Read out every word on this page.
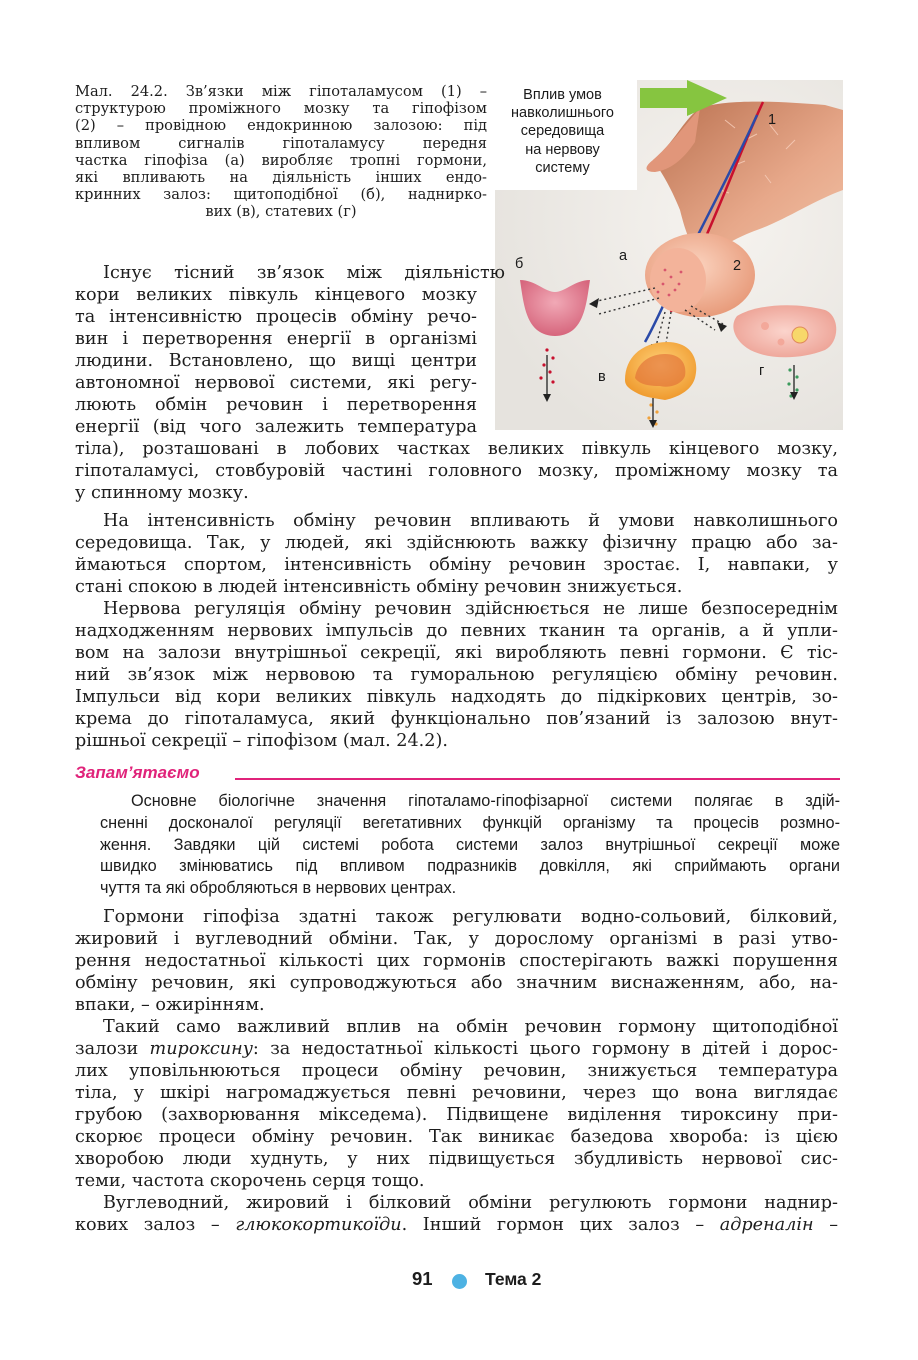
Мал. 24.2. Зв’язки між гіпоталамусом (1) –
структурою проміжного мозку та гіпофізом
(2) – провідною ендокринною залозою: під
впливом сигналів гіпоталамусу передня
частка гіпофіза (а) виробляє тропні гормони,
які впливають на діяльність інших ендо-
кринних залоз: щитоподібної (б), наднирко-
вих (в), статевих (г)
Вплив умов
навколишнього
середовища
на нервову
систему
1
2
а
б
в	г
Існує тісний зв’язок між діяльністю
кори великих півкуль кінцевого мозку
та інтенсивністю процесів обміну речо-
вин і перетворення енергії в організмі
людини. Встановлено, що вищі центри
автономної нервової системи, які регу-
люють обмін речовин і перетворення
енергії (від чого залежить температура
тіла), розташовані в лобових частках великих півкуль кінцевого мозку,
гіпоталамусі, стовбуровій частині головного мозку, проміжному мозку та
у спинному мозку.
На інтенсивність обміну речовин впливають й умови навколишнього
середовища. Так, у людей, які здійснюють важку фізичну працю або за-
ймаються спортом, інтенсивність обміну речовин зростає. І, навпаки, у
стані спокою в людей інтенсивність обміну речовин знижується.
Нервова регуляція обміну речовин здійснюється не лише безпосереднім
надходженням нервових імпульсів до певних тканин та органів, а й упли-
вом на залози внутрішньої секреції, які виробляють певні гормони. Є тіс-
ний зв’язок між нервовою та гуморальною регуляцією обміну речовин.
Імпульси від кори великих півкуль надходять до підкіркових центрів, зо-
крема до гіпоталамуса, який функціонально пов’язаний із залозою внут-
рішньої секреції – гіпофізом (мал. 24.2).
Запам’ятаємо
Основне біологічне значення гіпоталамо-гіпофізарної системи полягає в здій-
сненні досконалої регуляції вегетативних функцій організму та процесів розмно-
ження. Завдяки цій системі робота системи залоз внутрішньої секреції може
швидко змінюватись під впливом подразників довкілля, які сприймають органи
чуття та які обробляються в нервових центрах.
Гормони гіпофіза здатні також регулювати водно-сольовий, білковий,
жировий і вуглеводний обміни. Так, у дорослому організмі в разі утво-
рення недостатньої кількості цих гормонів спостерігають важкі порушення
обміну речовин, які супроводжуються або значним виснаженням, або, на-
впаки, – ожирінням.
Такий само важливий вплив на обмін речовин гормону щитоподібної
залози тироксину: за недостатньої кількості цього гормону в дітей і дорос-
лих уповільнюються процеси обміну речовин, знижується температура
тіла, у шкірі нагромаджується певні речовини, через що вона виглядає
грубою (захворювання мікседема). Підвищене виділення тироксину при-
скорює процеси обміну речовин. Так виникає базедова хвороба: із цією
хворобою люди худнуть, у них підвищується збудливість нервової сис-
теми, частота скорочень серця тощо.
Вуглеводний, жировий і білковий обміни регулюють гормони наднир-
кових залоз – глюкокортикоїди. Інший гормон цих залоз – адреналін –
91	Тема 2
